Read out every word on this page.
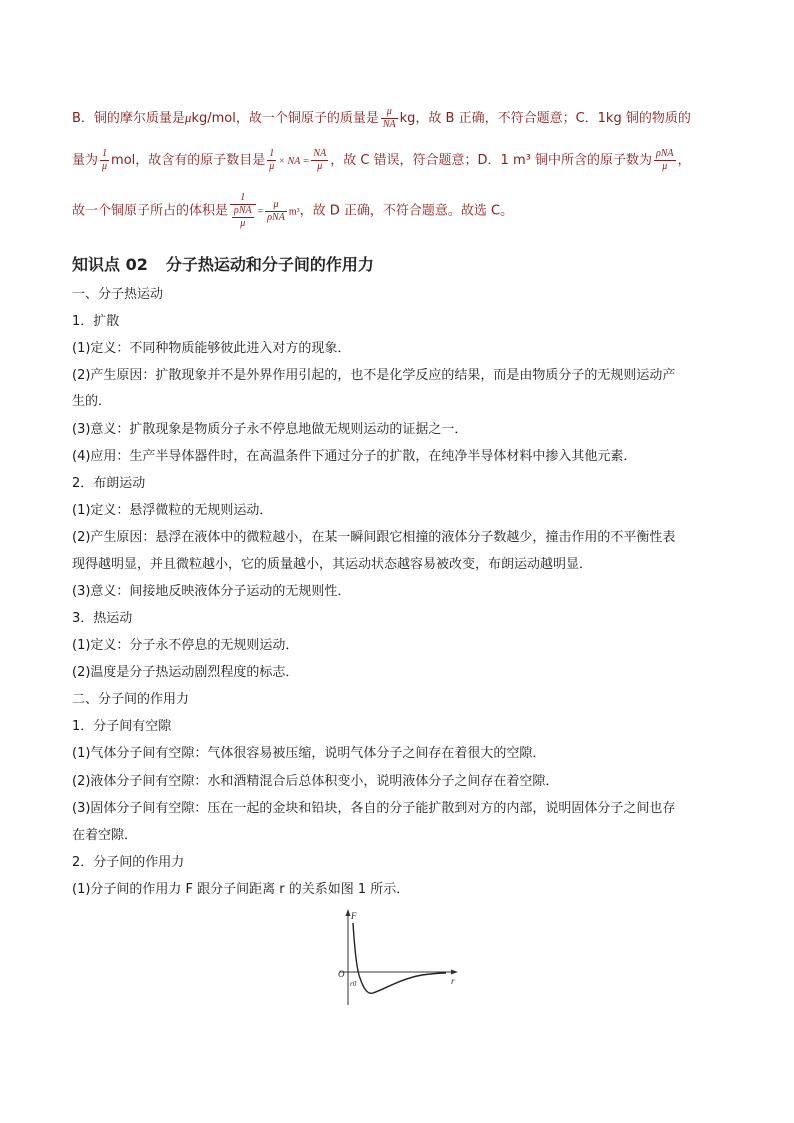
B．铜的摩尔质量是μkg/mol，故一个铜原子的质量是 $\frac{\mu}{NA}$ kg，故 B 正确，不符合题意；C．1kg 铜的物质的
量为 $\frac{1}{\mu}$ mol，故含有的原子数目是 $\frac{1}{\mu}$ × NA = $\frac{NA}{\mu}$ ，故 C 错误，符合题意；D．1 m³ 铜中所含的原子数为 $\frac{\text{ρNA}}{\mu}$ ，
故一个铜原子所占的体积是 $\frac{1}{\frac{\text{ρNA}}{\mu}} = \frac{\mu}{\text{ρNA}} m^3$，故 D 正确，不符合题意。故选 C。
知识点 02 分子热运动和分子间的作用力
一、分子热运动
1．扩散
(1)定义：不同种物质能够彼此进入对方的现象．
(2)产生原因：扩散现象并不是外界作用引起的，也不是化学反应的结果，而是由物质分子的无规则运动产
生的．
(3)意义：扩散现象是物质分子永不停息地做无规则运动的证据之一．
(4)应用：生产半导体器件时，在高温条件下通过分子的扩散，在纯净半导体材料中掺入其他元素．
2．布朗运动
(1)定义：悬浮微粒的无规则运动．
(2)产生原因：悬浮在液体中的微粒越小，在某一瞬间跟它相撞的液体分子数越少，撞击作用的不平衡性表
现得越明显，并且微粒越小，它的质量越小，其运动状态越容易被改变，布朗运动越明显．
(3)意义：间接地反映液体分子运动的无规则性．
3．热运动
(1)定义：分子永不停息的无规则运动．
(2)温度是分子热运动剧烈程度的标志．
二、分子间的作用力
1．分子间有空隙
(1)气体分子间有空隙：气体很容易被压缩，说明气体分子之间存在着很大的空隙．
(2)液体分子间有空隙：水和酒精混合后总体积变小，说明液体分子之间存在着空隙．
(3)固体分子间有空隙：压在一起的金块和铅块，各自的分子能扩散到对方的内部，说明固体分子之间也存
在着空隙．
2．分子间的作用力
(1)分子间的作用力 F 跟分子间距离 r 的关系如图 1 所示．
F
r
O
r0
